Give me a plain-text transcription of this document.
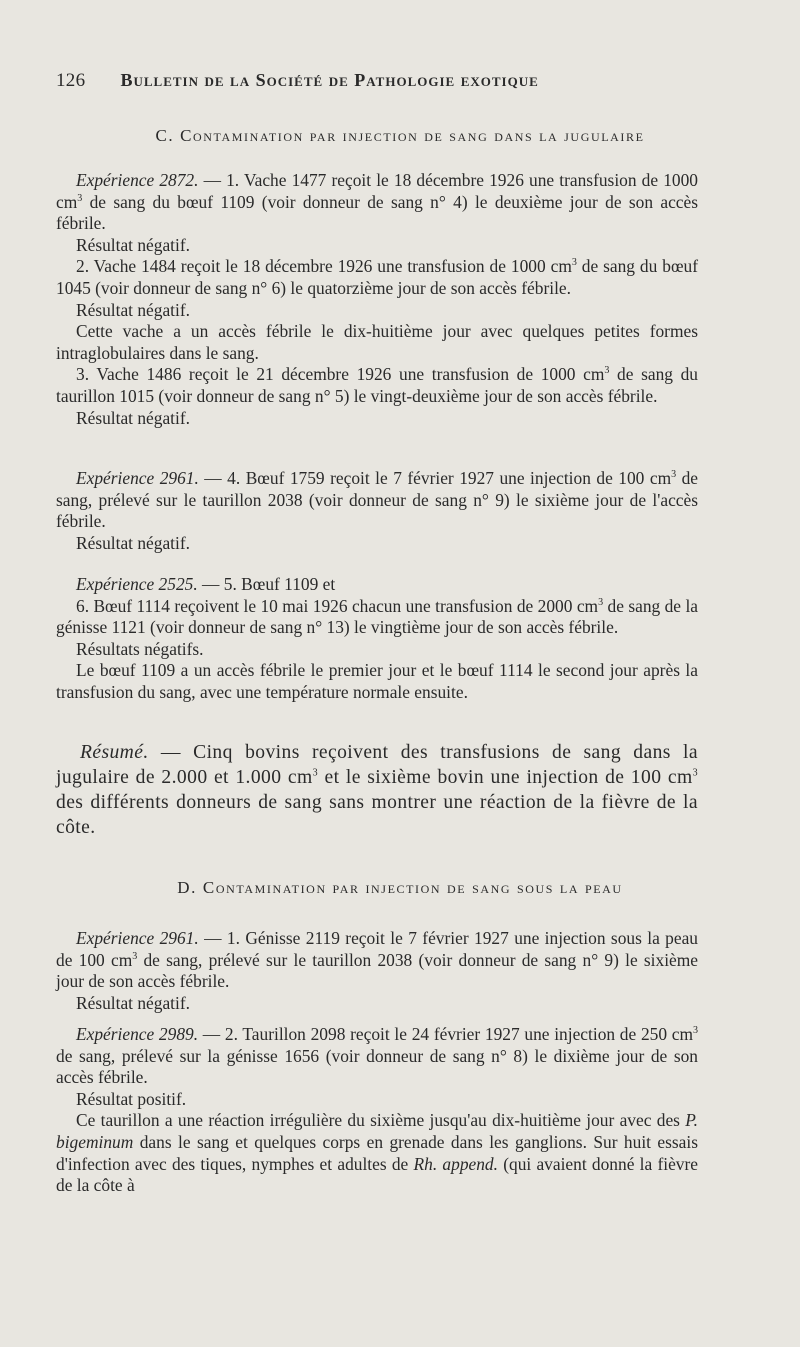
126 Bulletin de la Société de Pathologie exotique
C. Contamination par injection de sang dans la jugulaire

Expérience 2872. — 1. Vache 1477 reçoit le 18 décembre 1926 une transfusion de 1000 $cm^3$ de sang du bœuf 1109 (voir donneur de sang n° 4) le deuxième jour de son accès fébrile.

Résultat négatif.

2. Vache 1484 reçoit le 18 décembre 1926 une transfusion de 1000 $cm^3$ de sang du bœuf 1045 (voir donneur de sang n° 6) le quatorzième jour de son accès fébrile.

Résultat négatif.

Cette vache a un accès fébrile le dix-huitième jour avec quelques petites formes intraglobulaires dans le sang.

3. Vache 1486 reçoit le 21 décembre 1926 une transfusion de 1000 $cm^3$ de sang du taurillon 1015 (voir donneur de sang n° 5) le vingt-deuxième jour de son accès fébrile.

Résultat négatif.

Expérience 2961. — 4. Bœuf 1759 reçoit le 7 février 1927 une injection de 100 $cm^3$ de sang, prélevé sur le taurillon 2038 (voir donneur de sang n° 9) le sixième jour de l'accès fébrile.

Résultat négatif.

Expérience 2525. — 5. Bœuf 1109 et

6. Bœuf 1114 reçoivent le 10 mai 1926 chacun une transfusion de 2000 $cm^3$ de sang de la génisse 1121 (voir donneur de sang n° 13) le vingtième jour de son accès fébrile.

Résultats négatifs.

Le bœuf 1109 a un accès fébrile le premier jour et le bœuf 1114 le second jour après la transfusion du sang, avec une température normale ensuite.

Résumé. — Cinq bovins reçoivent des transfusions de sang dans la jugulaire de 2.000 et 1.000 $cm^3$ et le sixième bovin une injection de 100 $cm^3$ des différents donneurs de sang sans montrer une réaction de la fièvre de la côte.

D. Contamination par injection de sang sous la peau

Expérience 2961. — 1. Génisse 2119 reçoit le 7 février 1927 une injection sous la peau de 100 $cm^3$ de sang, prélevé sur le taurillon 2038 (voir donneur de sang n° 9) le sixième jour de son accès fébrile.

Résultat négatif.

Expérience 2989. — 2. Taurillon 2098 reçoit le 24 février 1927 une injection de 250 $cm^3$ de sang, prélevé sur la génisse 1656 (voir donneur de sang n° 8) le dixième jour de son accès fébrile.

Résultat positif.

Ce taurillon a une réaction irrégulière du sixième jusqu'au dix-huitième jour avec des P. bigeminum dans le sang et quelques corps en grenade dans les ganglions. Sur huit essais d'infection avec des tiques, nymphes et adultes de Rh. append. (qui avaient donné la fièvre de la côte à
